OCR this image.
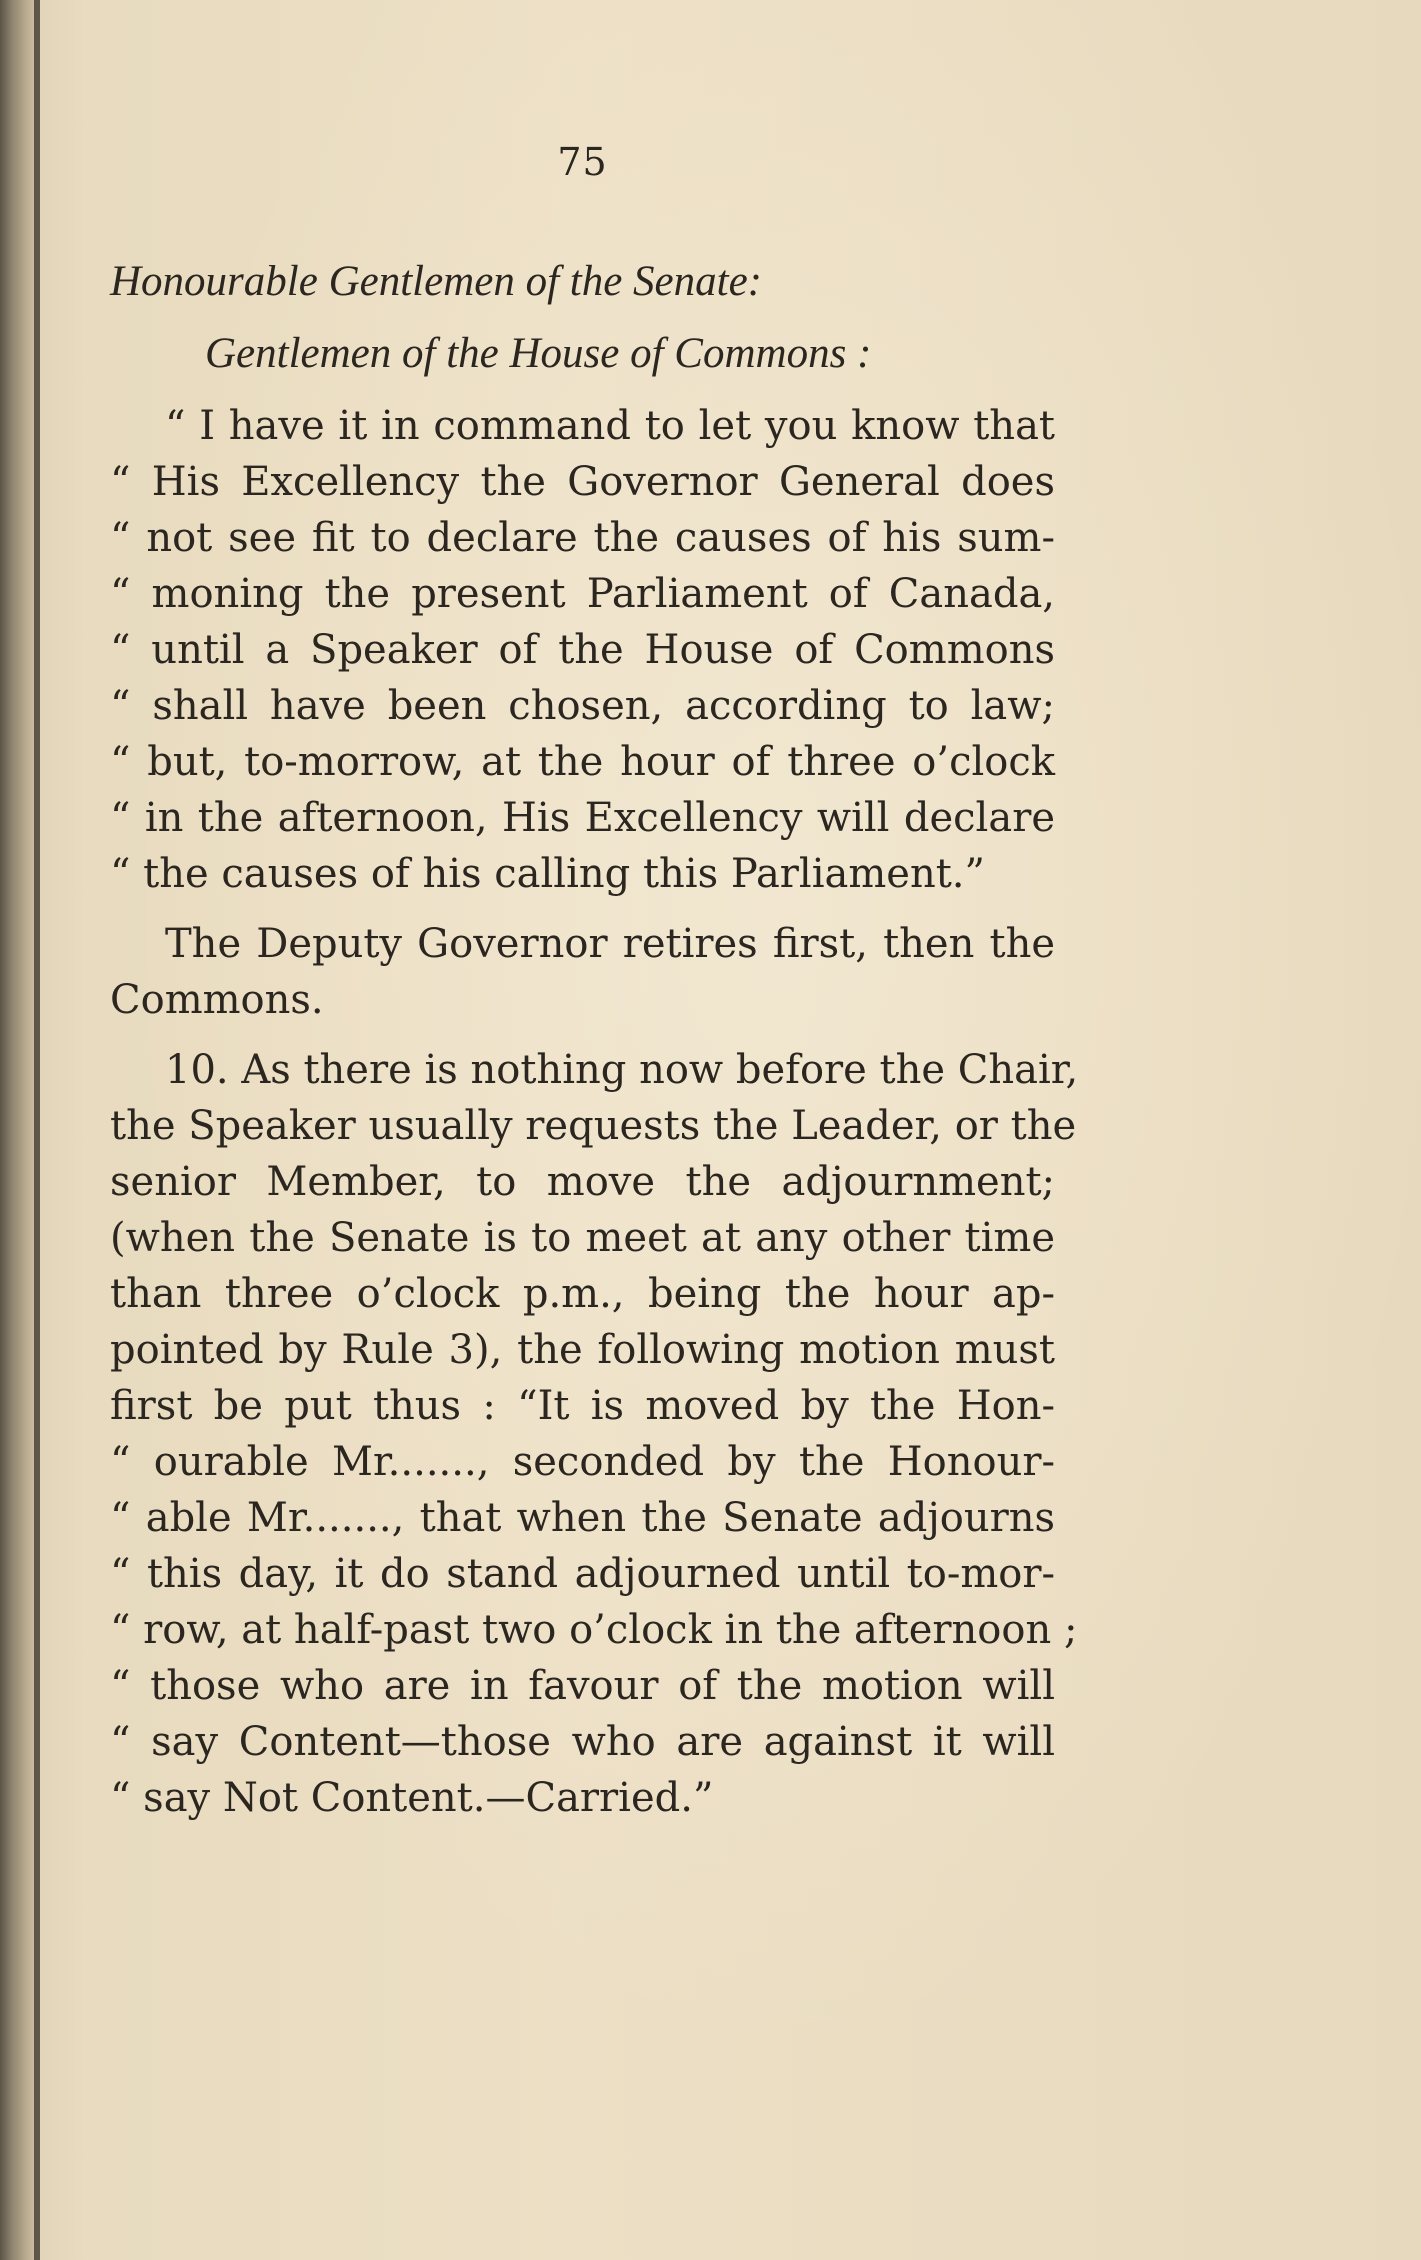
75
Honourable Gentlemen of the Senate:
Gentlemen of the House of Commons :
“ I have it in command to let you know that
“ His Excellency the Governor General does
“ not see fit to declare the causes of his sum-
“ moning the present Parliament of Canada,
“ until a Speaker of the House of Commons
“ shall have been chosen, according to law;
“ but, to-morrow, at the hour of three o’clock
“ in the afternoon, His Excellency will declare
“ the causes of his calling this Parliament.”
The Deputy Governor retires first, then the
Commons.
10. As there is nothing now before the Chair,
the Speaker usually requests the Leader, or the
senior Member, to move the adjournment;
(when the Senate is to meet at any other time
than three o’clock p.m., being the hour ap-
pointed by Rule 3), the following motion must
first be put thus : “It is moved by the Hon-
“ ourable Mr......., seconded by the Honour-
“ able Mr......., that when the Senate adjourns
“ this day, it do stand adjourned until to-mor-
“ row, at half-past two o’clock in the afternoon ;
“ those who are in favour of the motion will
“ say Content—those who are against it will
“ say Not Content.—Carried.”
